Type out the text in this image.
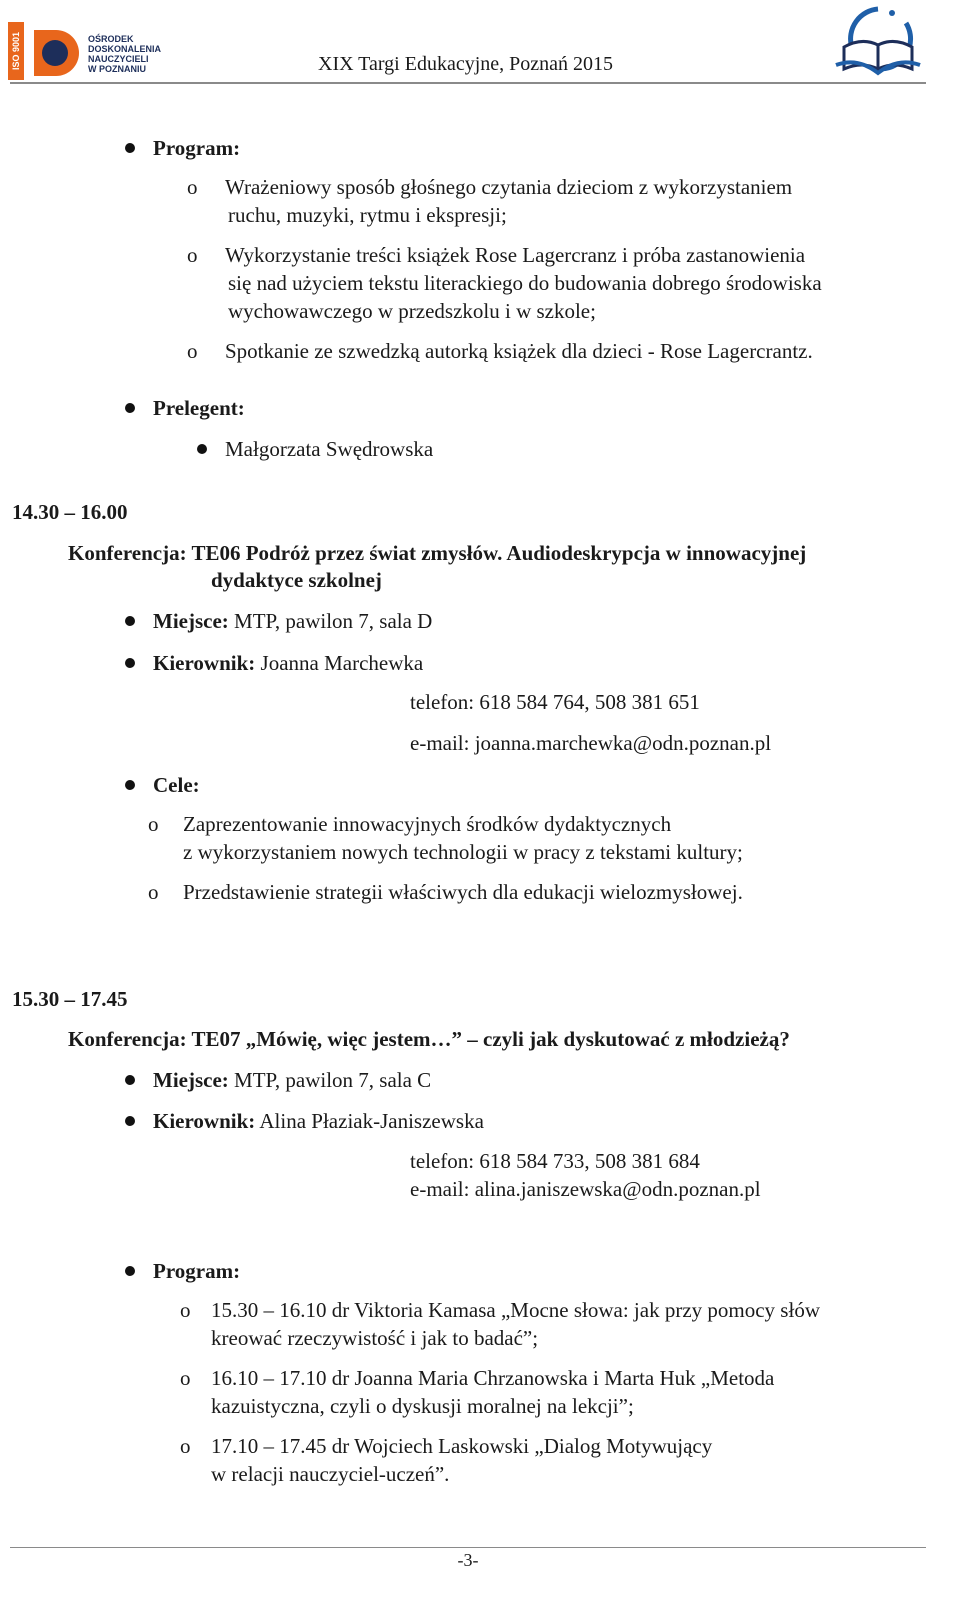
ISO 9001	OŚRODEK
DOSKONALENIA
NAUCZYCIELI
W POZNANIU	XIX Targi Edukacyjne, Poznań 2015

Program:

o Wrażeniowy sposób głośnego czytania dzieciom z wykorzystaniem

ruchu, muzyki, rytmu i ekspresji;

o Wykorzystanie treści książek Rose Lagercranz i próba zastanowienia

się nad użyciem tekstu literackiego do budowania dobrego środowiska

wychowawczego w przedszkolu i w szkole;

o Spotkanie ze szwedzką autorką książek dla dzieci - Rose Lagercrantz.

Prelegent:

Małgorzata Swędrowska

14.30 – 16.00

Konferencja: TE06 Podróż przez świat zmysłów. Audiodeskrypcja w innowacyjnej

dydaktyce szkolnej

Miejsce: MTP, pawilon 7, sala D

Kierownik: Joanna Marchewka

telefon: 618 584 764, 508 381 651

e-mail: joanna.marchewka@odn.poznan.pl

Cele:

o Zaprezentowanie innowacyjnych środków dydaktycznych

z wykorzystaniem nowych technologii w pracy z tekstami kultury;

o Przedstawienie strategii właściwych dla edukacji wielozmysłowej.

15.30 – 17.45

Konferencja: TE07 „Mówię, więc jestem…” – czyli jak dyskutować z młodzieżą?

Miejsce: MTP, pawilon 7, sala C

Kierownik: Alina Płaziak-Janiszewska

telefon: 618 584 733, 508 381 684

e-mail: alina.janiszewska@odn.poznan.pl

Program:

o 15.30 – 16.10 dr Viktoria Kamasa „Mocne słowa: jak przy pomocy słów

kreować rzeczywistość i jak to badać”;

o 16.10 – 17.10 dr Joanna Maria Chrzanowska i Marta Huk „Metoda

kazuistyczna, czyli o dyskusji moralnej na lekcji”;

o 17.10 – 17.45 dr Wojciech Laskowski „Dialog Motywujący

w relacji nauczyciel-uczeń”.

-3-
